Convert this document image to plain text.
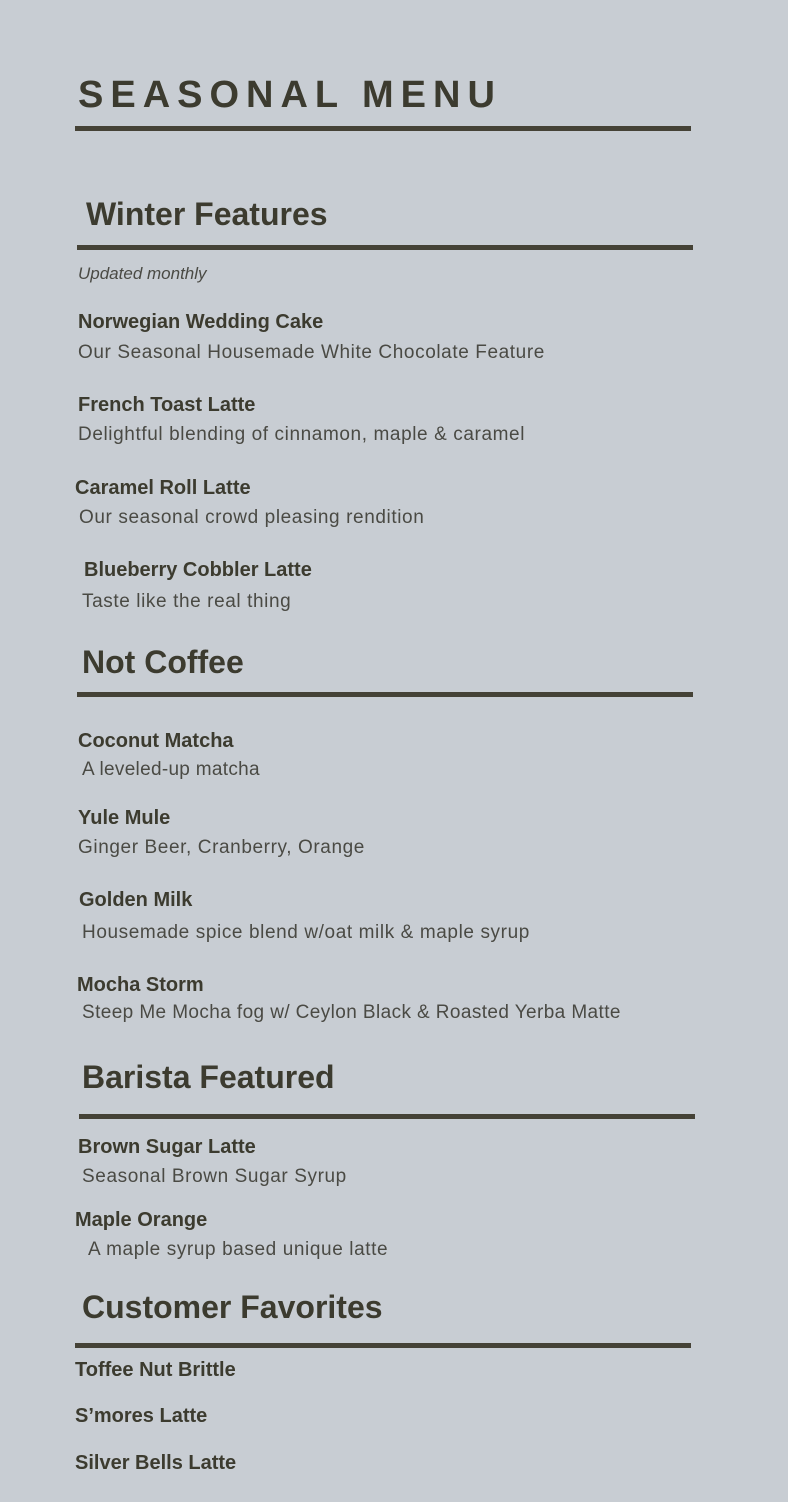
SEASONAL MENU
Winter Features
Updated monthly
Norwegian Wedding Cake
Our Seasonal Housemade White Chocolate Feature
French Toast Latte
Delightful blending of cinnamon, maple & caramel
Caramel Roll Latte
Our seasonal crowd pleasing rendition
Blueberry Cobbler Latte
Taste like the real thing
Not Coffee
Coconut Matcha
A leveled-up matcha
Yule Mule
Ginger Beer, Cranberry, Orange
Golden Milk
Housemade spice blend w/oat milk & maple syrup
Mocha Storm
Steep Me Mocha fog w/ Ceylon Black & Roasted Yerba Matte
Barista Featured
Brown Sugar Latte
Seasonal Brown Sugar Syrup
Maple Orange
A maple syrup based unique latte
Customer Favorites
Toffee Nut Brittle
S’mores Latte
Silver Bells Latte
